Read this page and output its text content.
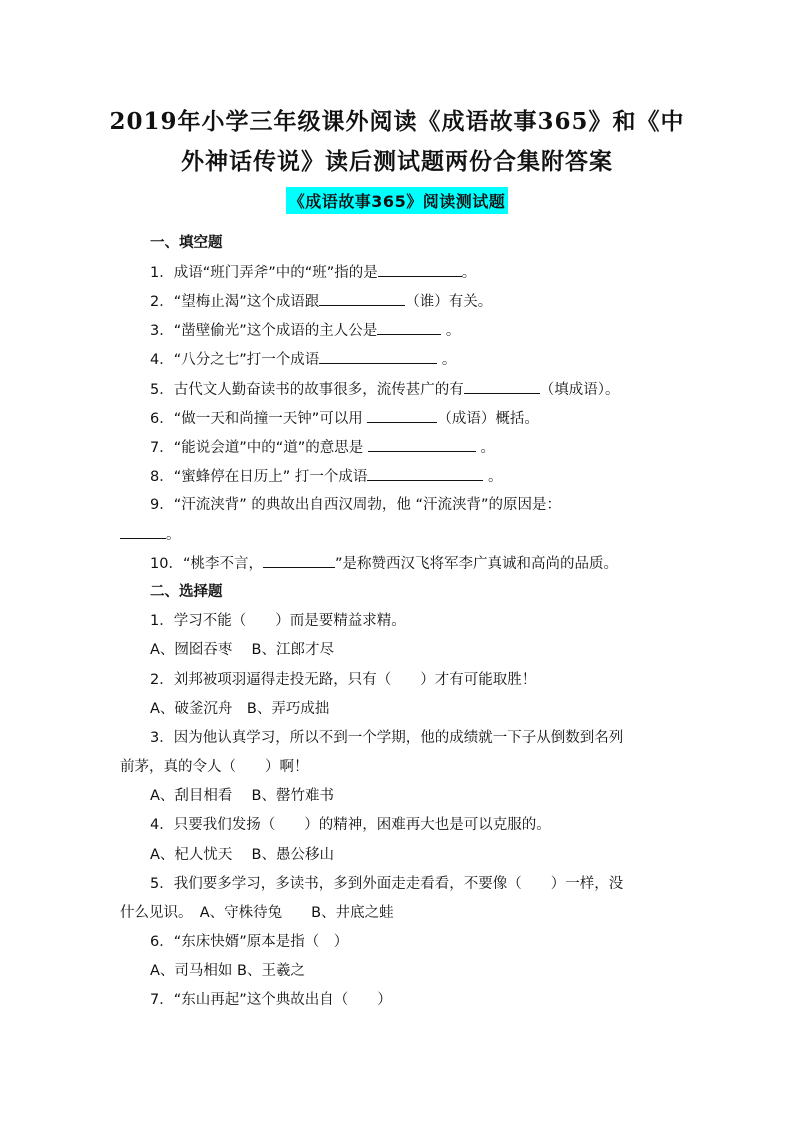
2019年小学三年级课外阅读《成语故事365》和《中
外神话传说》读后测试题两份合集附答案
《成语故事365》阅读测试题
一、填空题
1．成语“班门弄斧”中的“班”指的是	。
2．“望梅止渴”这个成语跟	（谁）有关。
3．“凿壁偷光”这个成语的主人公是	。
4．“八分之七”打一个成语	。
5．古代文人勤奋读书的故事很多，流传甚广的有	（填成语）。
6．“做一天和尚撞一天钟”可以用	（成语）概括。
7．“能说会道”中的“道”的意思是	。
8．“蜜蜂停在日历上” 打一个成语	。
9．“汗流浃背” 的典故出自西汉周勃，他 “汗流浃背”的原因是：
。
10．“桃李不言，	”是称赞西汉飞将军李广真诚和高尚的品质。
二、选择题
1．学习不能（　　）而是要精益求精。
A、囫囵吞枣　 B、江郎才尽
2．刘邦被项羽逼得走投无路，只有（　　）才有可能取胜！
A、破釜沉舟　B、弄巧成拙
3．因为他认真学习，所以不到一个学期，他的成绩就一下子从倒数到名列
前茅，真的令人（　　）啊！
A、刮目相看　 B、罄竹难书
4．只要我们发扬（　　）的精神，困难再大也是可以克服的。
A、杞人忧天　 B、愚公移山
5．我们要多学习，多读书，多到外面走走看看，不要像（　　）一样，没
什么见识。　A、守株待兔　　B、井底之蛙
6．“东床快婿”原本是指（　）
A、司马相如 B、王羲之
7．“东山再起”这个典故出自（　　）
